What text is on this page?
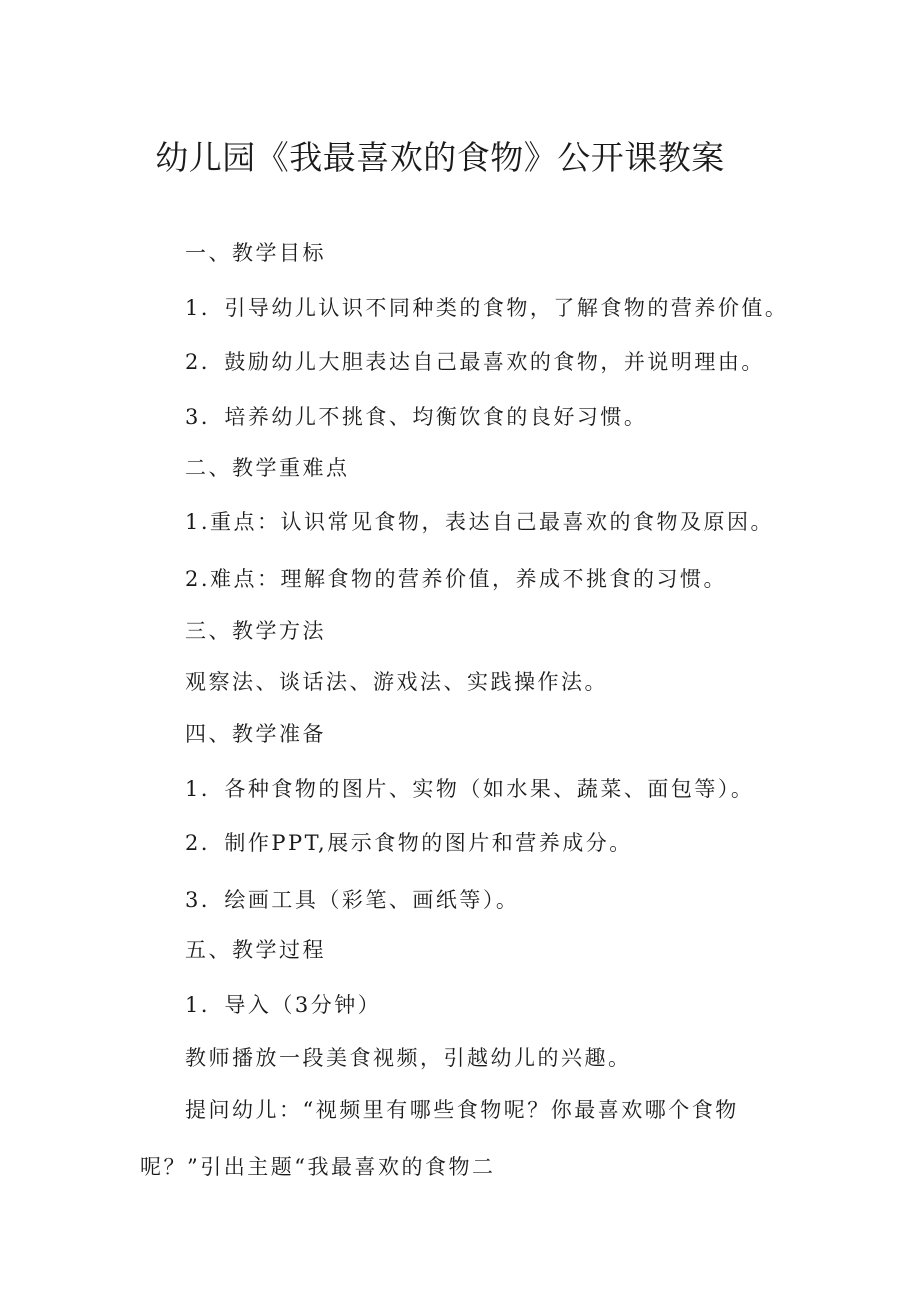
幼儿园《我最喜欢的食物》公开课教案

一、教学目标

1．引导幼儿认识不同种类的食物，了解食物的营养价值。

2．鼓励幼儿大胆表达自己最喜欢的食物，并说明理由。

3．培养幼儿不挑食、均衡饮食的良好习惯。

二、教学重难点

1.重点：认识常见食物，表达自己最喜欢的食物及原因。

2.难点：理解食物的营养价值，养成不挑食的习惯。

三、教学方法

观察法、谈话法、游戏法、实践操作法。

四、教学准备

1．各种食物的图片、实物（如水果、蔬菜、面包等）。

2．制作PPT,展示食物的图片和营养成分。

3．绘画工具（彩笔、画纸等）。

五、教学过程

1．导入（3分钟）

教师播放一段美食视频，引越幼儿的兴趣。

提问幼儿：“视频里有哪些食物呢？你最喜欢哪个食物呢？”引出主题“我最喜欢的食物二
